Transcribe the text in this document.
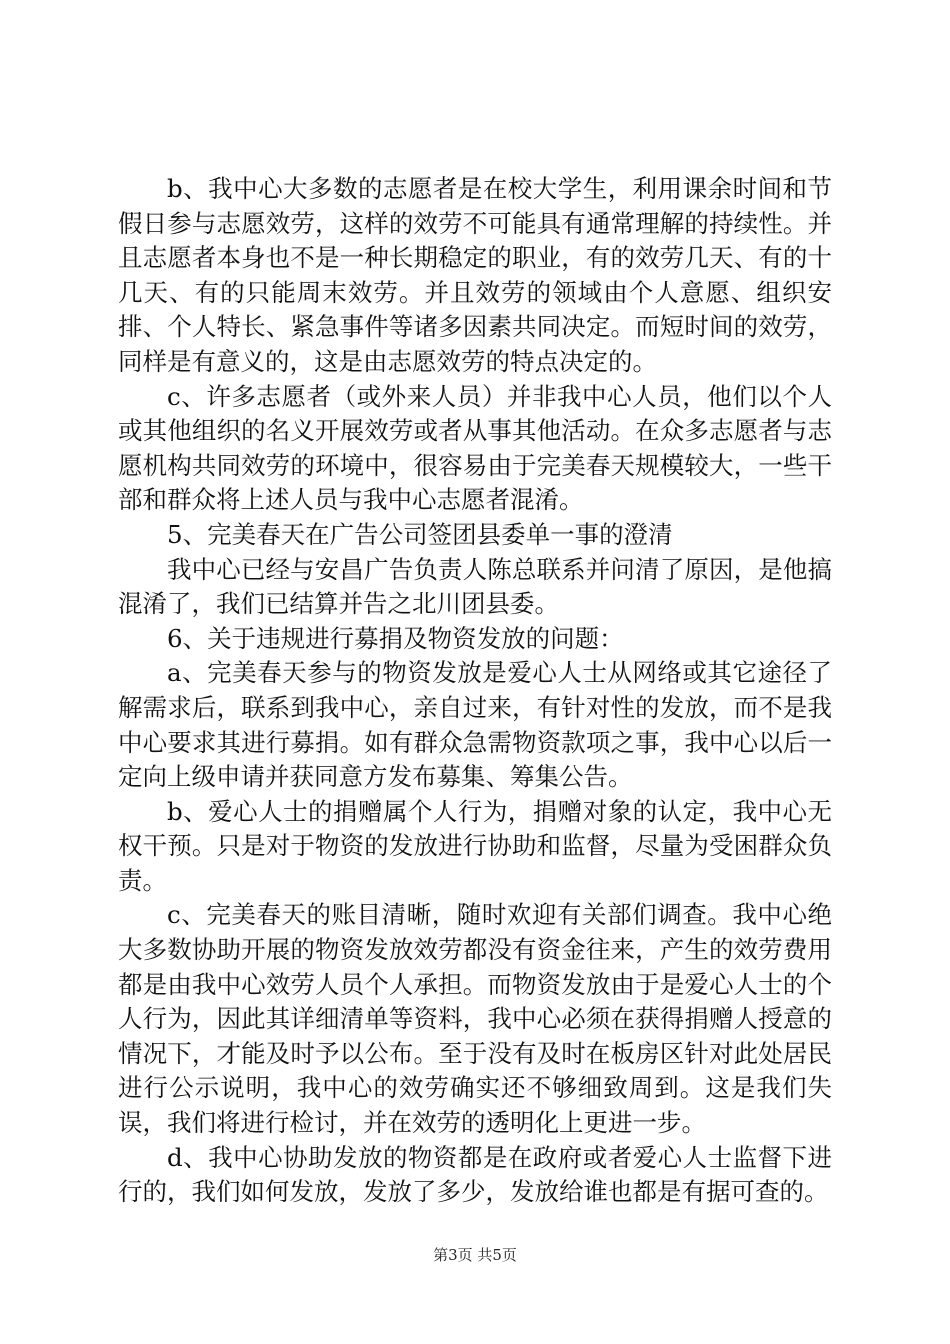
b、我中心大多数的志愿者是在校大学生，利用课余时间和节假日参与志愿效劳，这样的效劳不可能具有通常理解的持续性。并且志愿者本身也不是一种长期稳定的职业，有的效劳几天、有的十几天、有的只能周末效劳。并且效劳的领域由个人意愿、组织安排、个人特长、紧急事件等诸多因素共同决定。而短时间的效劳，同样是有意义的，这是由志愿效劳的特点决定的。

c、许多志愿者（或外来人员）并非我中心人员，他们以个人或其他组织的名义开展效劳或者从事其他活动。在众多志愿者与志愿机构共同效劳的环境中，很容易由于完美春天规模较大，一些干部和群众将上述人员与我中心志愿者混淆。

5、完美春天在广告公司签团县委单一事的澄清

我中心已经与安昌广告负责人陈总联系并问清了原因，是他搞混淆了，我们已结算并告之北川团县委。

6、关于违规进行募捐及物资发放的问题：

a、完美春天参与的物资发放是爱心人士从网络或其它途径了解需求后，联系到我中心，亲自过来，有针对性的发放，而不是我中心要求其进行募捐。如有群众急需物资款项之事，我中心以后一定向上级申请并获同意方发布募集、筹集公告。

b、爱心人士的捐赠属个人行为，捐赠对象的认定，我中心无权干预。只是对于物资的发放进行协助和监督，尽量为受困群众负责。

c、完美春天的账目清晰，随时欢迎有关部们调查。我中心绝大多数协助开展的物资发放效劳都没有资金往来，产生的效劳费用都是由我中心效劳人员个人承担。而物资发放由于是爱心人士的个人行为，因此其详细清单等资料，我中心必须在获得捐赠人授意的情况下，才能及时予以公布。至于没有及时在板房区针对此处居民进行公示说明，我中心的效劳确实还不够细致周到。这是我们失误，我们将进行检讨，并在效劳的透明化上更进一步。

d、我中心协助发放的物资都是在政府或者爱心人士监督下进行的，我们如何发放，发放了多少，发放给谁也都是有据可查的。

第3页 共5页
